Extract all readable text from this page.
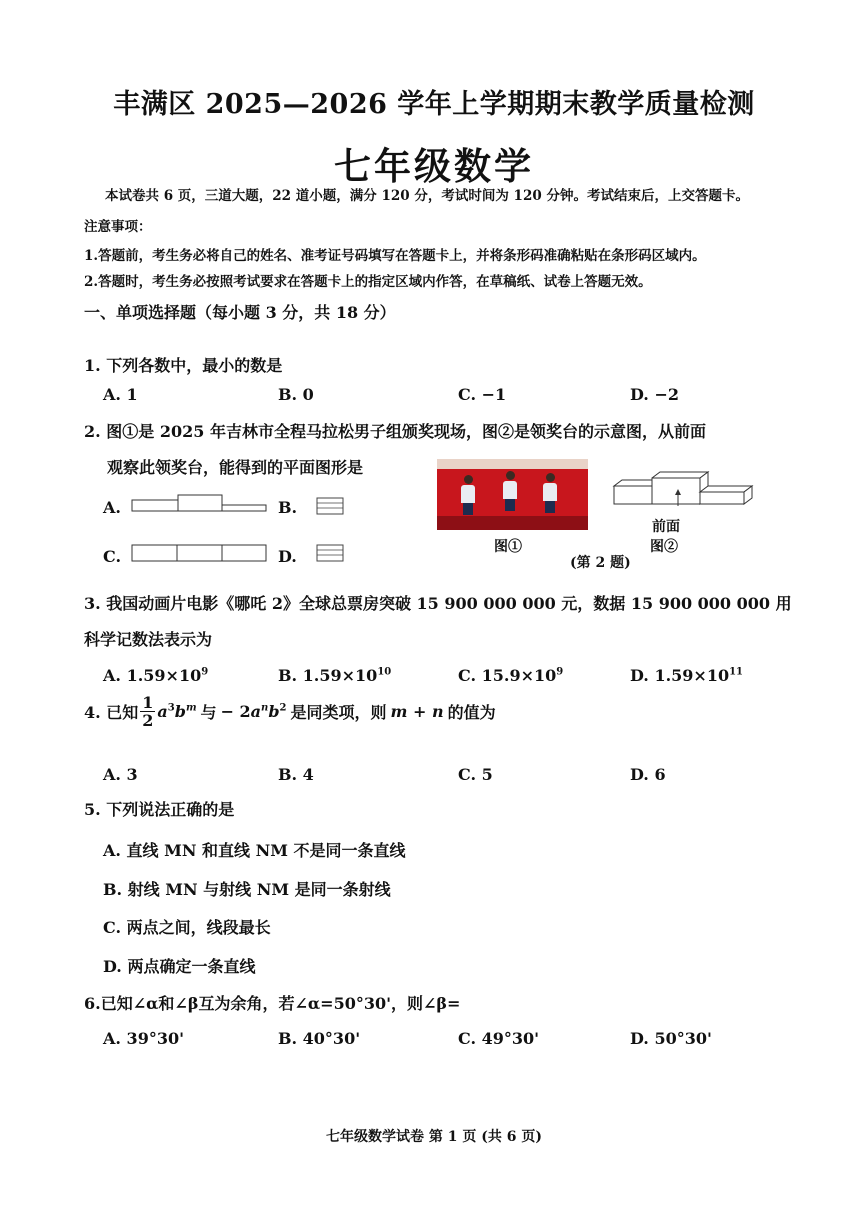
丰满区 2025—2026 学年上学期期末教学质量检测
七年级数学
本试卷共 6 页，三道大题，22 道小题，满分 120 分，考试时间为 120 分钟。考试结束后，上交答题卡。
注意事项：
1.答题前，考生务必将自己的姓名、准考证号码填写在答题卡上，并将条形码准确粘贴在条形码区域内。
2.答题时，考生务必按照考试要求在答题卡上的指定区域内作答，在草稿纸、试卷上答题无效。
一、单项选择题（每小题 3 分，共 18 分）
1. 下列各数中，最小的数是
A. 1	B. 0	C. −1	D. −2
2. 图①是 2025 年吉林市全程马拉松男子组颁奖现场，图②是领奖台的示意图，从前面
观察此领奖台，能得到的平面图形是
A.	B.
C.	D.	图①
前面
图②
(第 2 题)
3. 我国动画片电影《哪吒 2》全球总票房突破 15 900 000 000 元，数据 15 900 000 000 用
科学记数法表示为
A. $1.59\times 10^9$	B. $1.59\times 10^{10}$	C. $15.9\times 10^9$	D. $1.59\times 10^{11}$
4. 已知 $\frac{1}{2} a^3b^m$ 与 − $2a^nb^2$ 是同类项，则 m + n 的值为
A. 3	B. 4	C. 5	D. 6
5. 下列说法正确的是
A. 直线 MN 和直线 NM 不是同一条直线
B. 射线 MN 与射线 NM 是同一条射线
C. 两点之间，线段最长
D. 两点确定一条直线
6.已知∠α和∠β互为余角，若∠α=50°30'，则∠β=
A. 39°30'	B. 40°30'	C. 49°30'	D. 50°30'
七年级数学试卷 第 1 页 (共 6 页)
